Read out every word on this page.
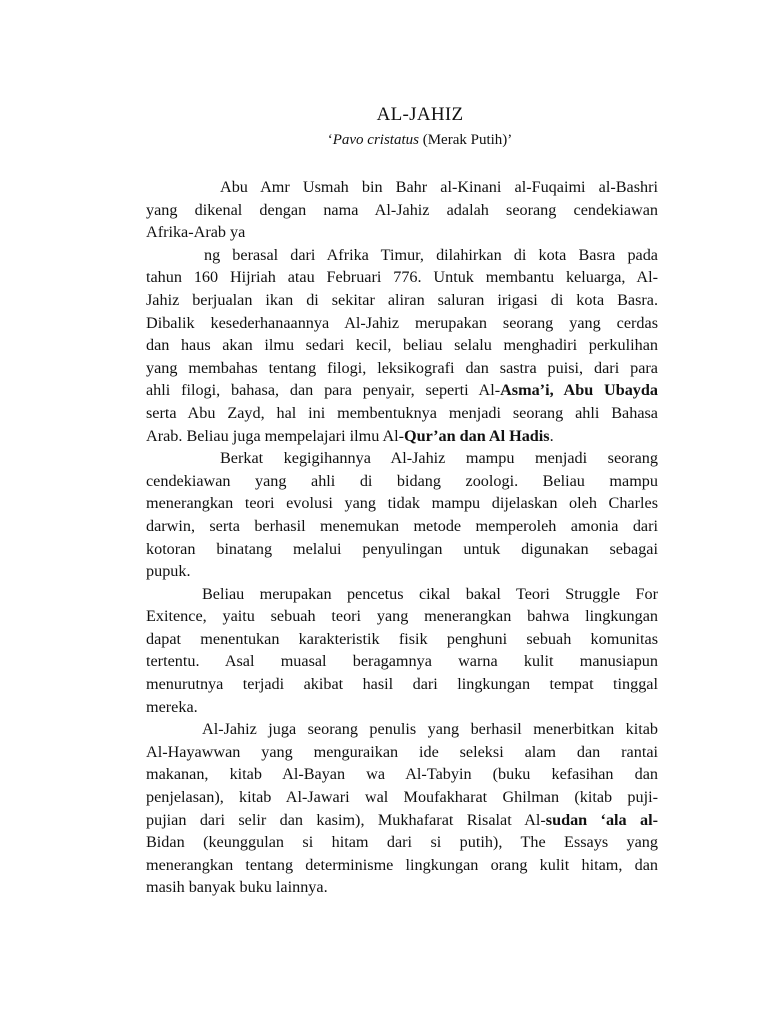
AL-JAHIZ
‘Pavo cristatus (Merak Putih)’
Abu Amr Usmah bin Bahr al-Kinani al-Fuqaimi al-Bashri
yang dikenal dengan nama Al-Jahiz adalah seorang cendekiawan
Afrika-Arab ya
ng berasal dari Afrika Timur, dilahirkan di kota Basra pada
tahun 160 Hijriah atau Februari 776. Untuk membantu keluarga, Al-
Jahiz berjualan ikan di sekitar aliran saluran irigasi di kota Basra.
Dibalik kesederhanaannya Al-Jahiz merupakan seorang yang cerdas
dan haus akan ilmu sedari kecil, beliau selalu menghadiri perkulihan
yang membahas tentang filogi, leksikografi dan sastra puisi, dari para
ahli filogi, bahasa, dan para penyair, seperti Al-Asma’i, Abu Ubayda
serta Abu Zayd, hal ini membentuknya menjadi seorang ahli Bahasa
Arab. Beliau juga mempelajari ilmu Al-Qur’an dan Al Hadis.
Berkat kegigihannya Al-Jahiz mampu menjadi seorang
cendekiawan yang ahli di bidang zoologi. Beliau mampu
menerangkan teori evolusi yang tidak mampu dijelaskan oleh Charles
darwin, serta berhasil menemukan metode memperoleh amonia dari
kotoran binatang melalui penyulingan untuk digunakan sebagai
pupuk.
Beliau merupakan pencetus cikal bakal Teori Struggle For
Exitence, yaitu sebuah teori yang menerangkan bahwa lingkungan
dapat menentukan karakteristik fisik penghuni sebuah komunitas
tertentu. Asal muasal beragamnya warna kulit manusiapun
menurutnya terjadi akibat hasil dari lingkungan tempat tinggal
mereka.
Al-Jahiz juga seorang penulis yang berhasil menerbitkan kitab
Al-Hayawwan yang menguraikan ide seleksi alam dan rantai
makanan, kitab Al-Bayan wa Al-Tabyin (buku kefasihan dan
penjelasan), kitab Al-Jawari wal Moufakharat Ghilman (kitab puji-
pujian dari selir dan kasim), Mukhafarat Risalat Al-sudan ‘ala al-
Bidan (keunggulan si hitam dari si putih), The Essays yang
menerangkan tentang determinisme lingkungan orang kulit hitam, dan
masih banyak buku lainnya.
